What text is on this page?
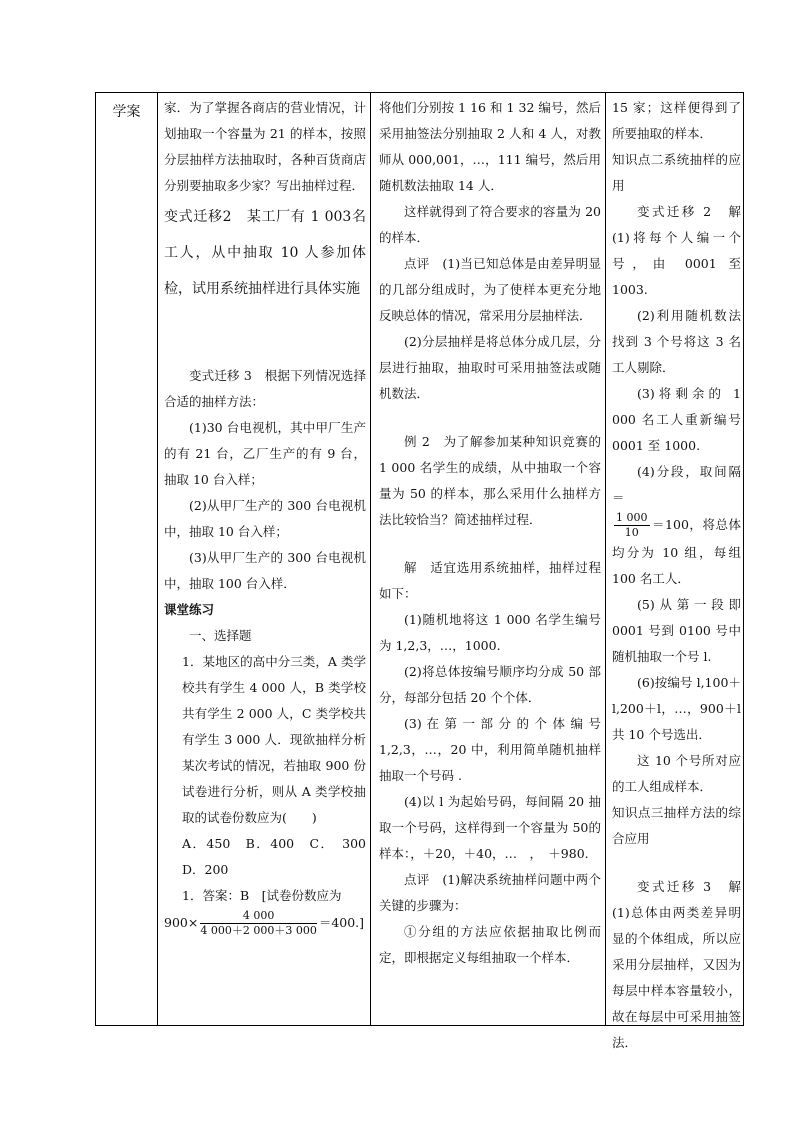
学案	家．为了掌握各商店的营业情况，计划抽取一个容量为 21 的样本，按照分层抽样方法抽取时，各种百货商店分别要抽取多少家？写出抽样过程．

变式迁移2　某工厂有 1 003名工人，从中抽取 10 人参加体检，试用系统抽样进行具体实施

变式迁移 3　根据下列情况选择合适的抽样方法：

(1)30 台电视机，其中甲厂生产的有 21 台，乙厂生产的有 9 台，抽取 10 台入样；

(2)从甲厂生产的 300 台电视机中，抽取 10 台入样；

(3)从甲厂生产的 300 台电视机中，抽取 100 台入样．

课堂练习

一、选择题

1．某地区的高中分三类，A 类学校共有学生 4 000 人，B 类学校共有学生 2 000 人，C 类学校共有学生 3 000 人．现欲抽样分析某次考试的情况，若抽取 900 份试卷进行分析，则从 A 类学校抽取的试卷份数应为(　　)

A．450　B．400　C．　300　D．200

1．答案：B　[试卷份数应为

$900\times \frac{4 000}{4 000+2 000+3 000} =400$.]

将他们分别按 1 16 和 1 32 编号，然后采用抽签法分别抽取 2 人和 4 人，对教师从 000,001，…，111 编号，然后用随机数法抽取 14 人．

这样就得到了符合要求的容量为 20 的样本．

点评　(1)当已知总体是由差异明显的几部分组成时，为了使样本更充分地反映总体的情况，常采用分层抽样法．

(2)分层抽样是将总体分成几层，分层进行抽取，抽取时可采用抽签法或随机数法．

例 2　为了解参加某种知识竞赛的 1 000 名学生的成绩，从中抽取一个容量为 50 的样本，那么采用什么抽样方法比较恰当？简述抽样过程．

解　适宜选用系统抽样，抽样过程如下：

(1)随机地将这 1 000 名学生编号为 1,2,3，…，1000.

(2)将总体按编号顺序均分成 50 部分，每部分包括 20 个个体．

(3) 在 第 一 部 分 的 个 体 编 号 1,2,3，…，20 中，利用简单随机抽样抽取一个号码 .

(4)以 l 为起始号码，每间隔 20 抽取一个号码，这样得到一个容量为 50的样本：，＋20，＋40，…　，　＋980.

点评　(1)解决系统抽样问题中两个关键的步骤为：

①分组的方法应依据抽取比例而定，即根据定义每组抽取一个样本．

15 家；这样便得到了所要抽取的样本．

知识点二系统抽样的应用

变式迁移 2　解　(1)将每个人编一个号，由 0001 至 1003.

(2)利用随机数法找到 3 个号将这 3 名工人剔除．

(3)将剩余的 1 000 名工人重新编号 0001 至 1000.

(4)分段，取间隔 ＝

$\frac{1 000}{10} =100$，将总体均分为 10 组，每组 100 名工人．

(5)从第一段即 0001 号到 0100 号中随机抽取一个号 l.

(6)按编号 l,100＋l,200＋l，…，900＋l 共 10 个号选出．

这 10 个号所对应的工人组成样本．

知识点三抽样方法的综合应用

变式迁移 3　解　(1)总体由两类差异明显的个体组成，所以应采用分层抽样，又因为每层中样本容量较小，故在每层中可采用抽签法．
